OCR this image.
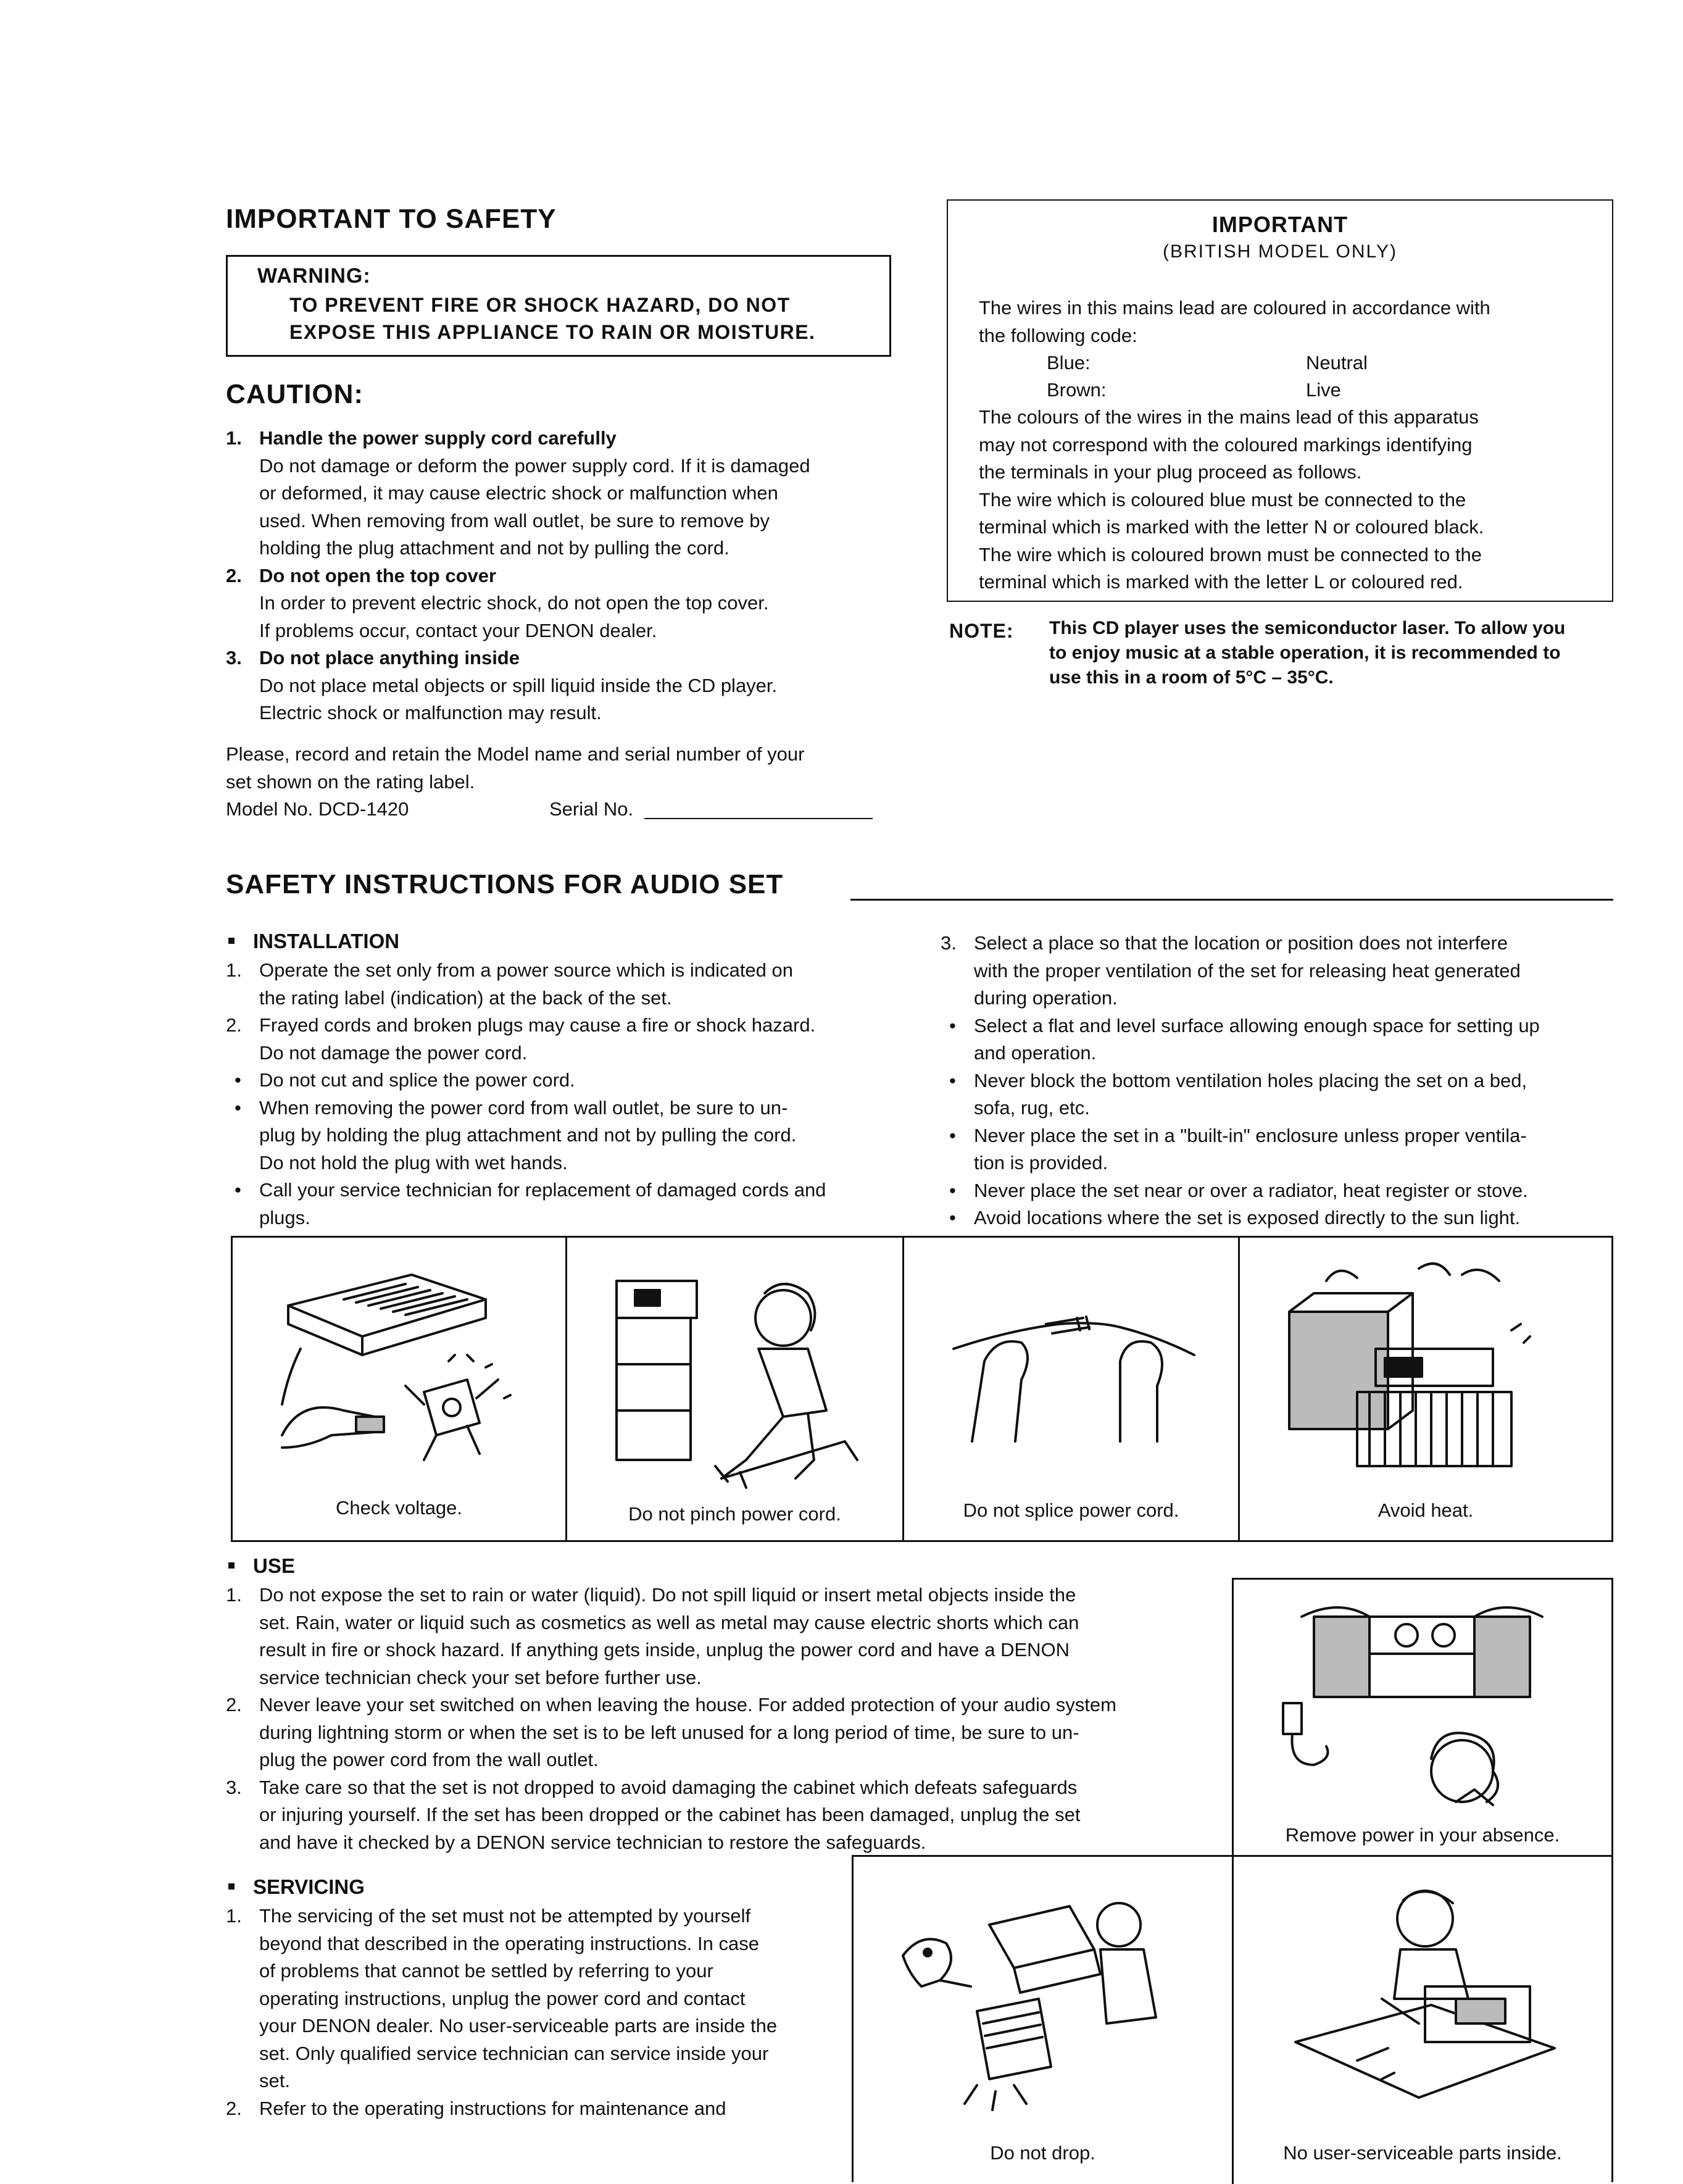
IMPORTANT TO SAFETY
WARNING:
TO PREVENT FIRE OR SHOCK HAZARD, DO NOT
EXPOSE THIS APPLIANCE TO RAIN OR MOISTURE.
CAUTION:
1. Handle the power supply cord carefully
Do not damage or deform the power supply cord. If it is damaged
or deformed, it may cause electric shock or malfunction when
used. When removing from wall outlet, be sure to remove by
holding the plug attachment and not by pulling the cord.
2. Do not open the top cover
In order to prevent electric shock, do not open the top cover.
If problems occur, contact your DENON dealer.
3. Do not place anything inside
Do not place metal objects or spill liquid inside the CD player.
Electric shock or malfunction may result.
Please, record and retain the Model name and serial number of your
set shown on the rating label.
Model No. DCD-1420	Serial No.
IMPORTANT
(BRITISH MODEL ONLY)
The wires in this mains lead are coloured in accordance with
the following code:
Blue:	Neutral
Brown:	Live
The colours of the wires in the mains lead of this apparatus
may not correspond with the coloured markings identifying
the terminals in your plug proceed as follows.
The wire which is coloured blue must be connected to the
terminal which is marked with the letter N or coloured black.
The wire which is coloured brown must be connected to the
terminal which is marked with the letter L or coloured red.
NOTE: This CD player uses the semiconductor laser. To allow you
to enjoy music at a stable operation, it is recommended to
use this in a room of 5°C – 35°C.
SAFETY INSTRUCTIONS FOR AUDIO SET
INSTALLATION
1. Operate the set only from a power source which is indicated on
the rating label (indication) at the back of the set.
2. Frayed cords and broken plugs may cause a fire or shock hazard.
Do not damage the power cord.
• Do not cut and splice the power cord.
• When removing the power cord from wall outlet, be sure to un-
plug by holding the plug attachment and not by pulling the cord.
Do not hold the plug with wet hands.
• Call your service technician for replacement of damaged cords and
plugs.
3. Select a place so that the location or position does not interfere
with the proper ventilation of the set for releasing heat generated
during operation.
• Select a flat and level surface allowing enough space for setting up
and operation.
• Never block the bottom ventilation holes placing the set on a bed,
sofa, rug, etc.
• Never place the set in a "built-in" enclosure unless proper ventila-
tion is provided.
• Never place the set near or over a radiator, heat register or stove.
• Avoid locations where the set is exposed directly to the sun light.
Check voltage.	Do not pinch power cord.	Do not splice power cord.	Avoid heat.
USE
1. Do not expose the set to rain or water (liquid). Do not spill liquid or insert metal objects inside the
set. Rain, water or liquid such as cosmetics as well as metal may cause electric shorts which can
result in fire or shock hazard. If anything gets inside, unplug the power cord and have a DENON
service technician check your set before further use.
2. Never leave your set switched on when leaving the house. For added protection of your audio system
during lightning storm or when the set is to be left unused for a long period of time, be sure to un-
plug the power cord from the wall outlet.
3. Take care so that the set is not dropped to avoid damaging the cabinet which defeats safeguards
or injuring yourself. If the set has been dropped or the cabinet has been damaged, unplug the set
and have it checked by a DENON service technician to restore the safeguards.	Remove power in your absence.
Do not drop.	No user-serviceable parts inside.
SERVICING
1. The servicing of the set must not be attempted by yourself
beyond that described in the operating instructions. In case
of problems that cannot be settled by referring to your
operating instructions, unplug the power cord and contact
your DENON dealer. No user-serviceable parts are inside the
set. Only qualified service technician can service inside your
set.
2. Refer to the operating instructions for maintenance and
